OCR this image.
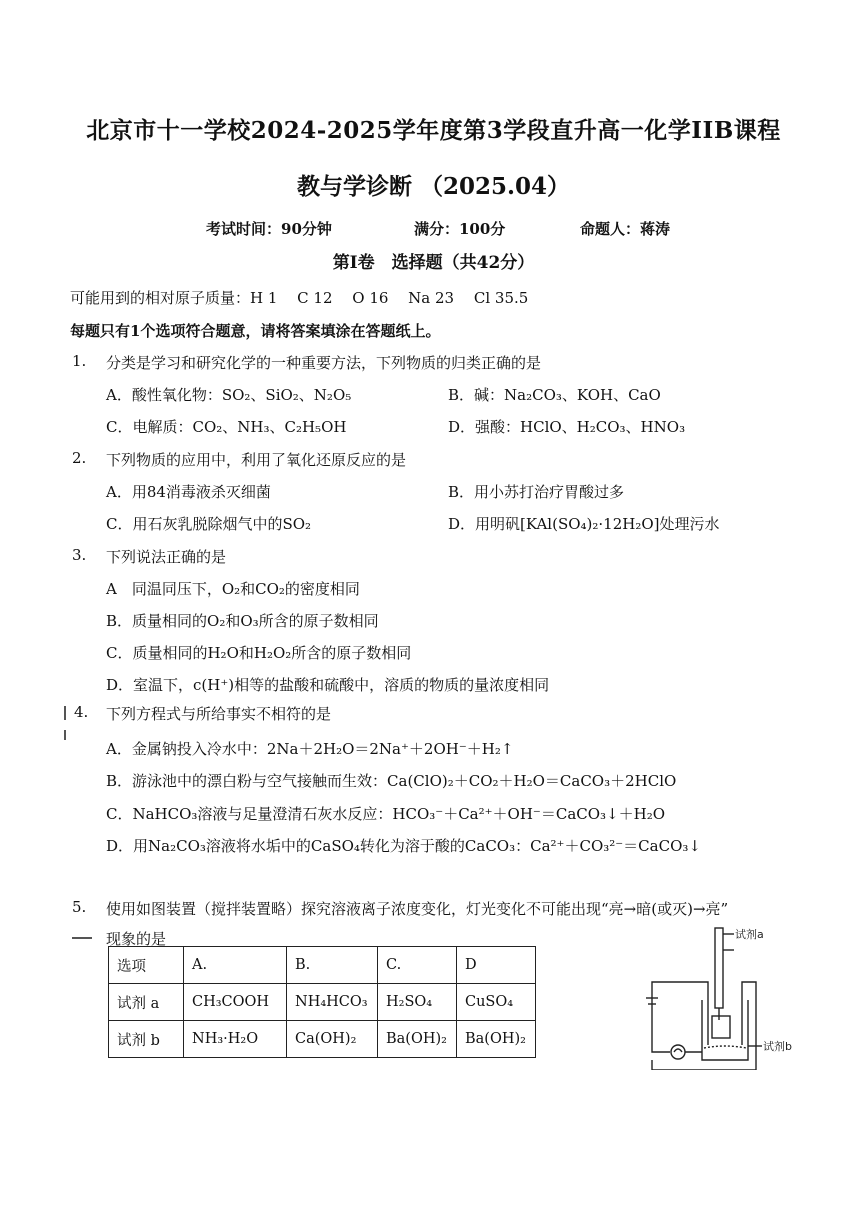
北京市十一学校2024-2025学年度第3学段直升高一化学IIB课程
教与学诊断 （2025.04）
考试时间：90分钟	满分：100分	命题人：蒋涛
第I卷　选择题（共42分）
可能用到的相对原子质量：H 1　 C 12　 O 16　 Na 23　 Cl 35.5
每题只有1个选项符合题意，请将答案填涂在答题纸上。
1. 分类是学习和研究化学的一种重要方法，下列物质的归类正确的是
A．酸性氧化物：SO₂、SiO₂、N₂O₅	B．碱：Na₂CO₃、KOH、CaO
C．电解质：CO₂、NH₃、C₂H₅OH	D．强酸：HClO、H₂CO₃、HNO₃
2. 下列物质的应用中，利用了氧化还原反应的是
A．用84消毒液杀灭细菌	B．用小苏打治疗胃酸过多
C．用石灰乳脱除烟气中的SO₂	D．用明矾[KAl(SO₄)₂·12H₂O]处理污水
3. 下列说法正确的是
A　同温同压下，O₂和CO₂的密度相同
B．质量相同的O₂和O₃所含的原子数相同
C．质量相同的H₂O和H₂O₂所含的原子数相同
D．室温下，c(H⁺)相等的盐酸和硫酸中，溶质的物质的量浓度相同
4. 下列方程式与所给事实不相符的是
A．金属钠投入冷水中：2Na＋2H₂O＝2Na⁺＋2OH⁻＋H₂↑
B．游泳池中的漂白粉与空气接触而生效：Ca(ClO)₂＋CO₂＋H₂O＝CaCO₃＋2HClO
C．NaHCO₃溶液与足量澄清石灰水反应：HCO₃⁻＋Ca²⁺＋OH⁻＝CaCO₃↓＋H₂O
D．用Na₂CO₃溶液将水垢中的CaSO₄转化为溶于酸的CaCO₃：Ca²⁺＋CO₃²⁻＝CaCO₃↓
5. 使用如图装置（搅拌装置略）探究溶液离子浓度变化，灯光变化不可能出现“亮→暗(或灭)→亮”
现象的是
选项	A.	B.	C.	D
试剂 a	CH₃COOH	NH₄HCO₃	H₂SO₄	CuSO₄
试剂 b	NH₃·H₂O	Ca(OH)₂	Ba(OH)₂	Ba(OH)₂
试剂a
试剂b
